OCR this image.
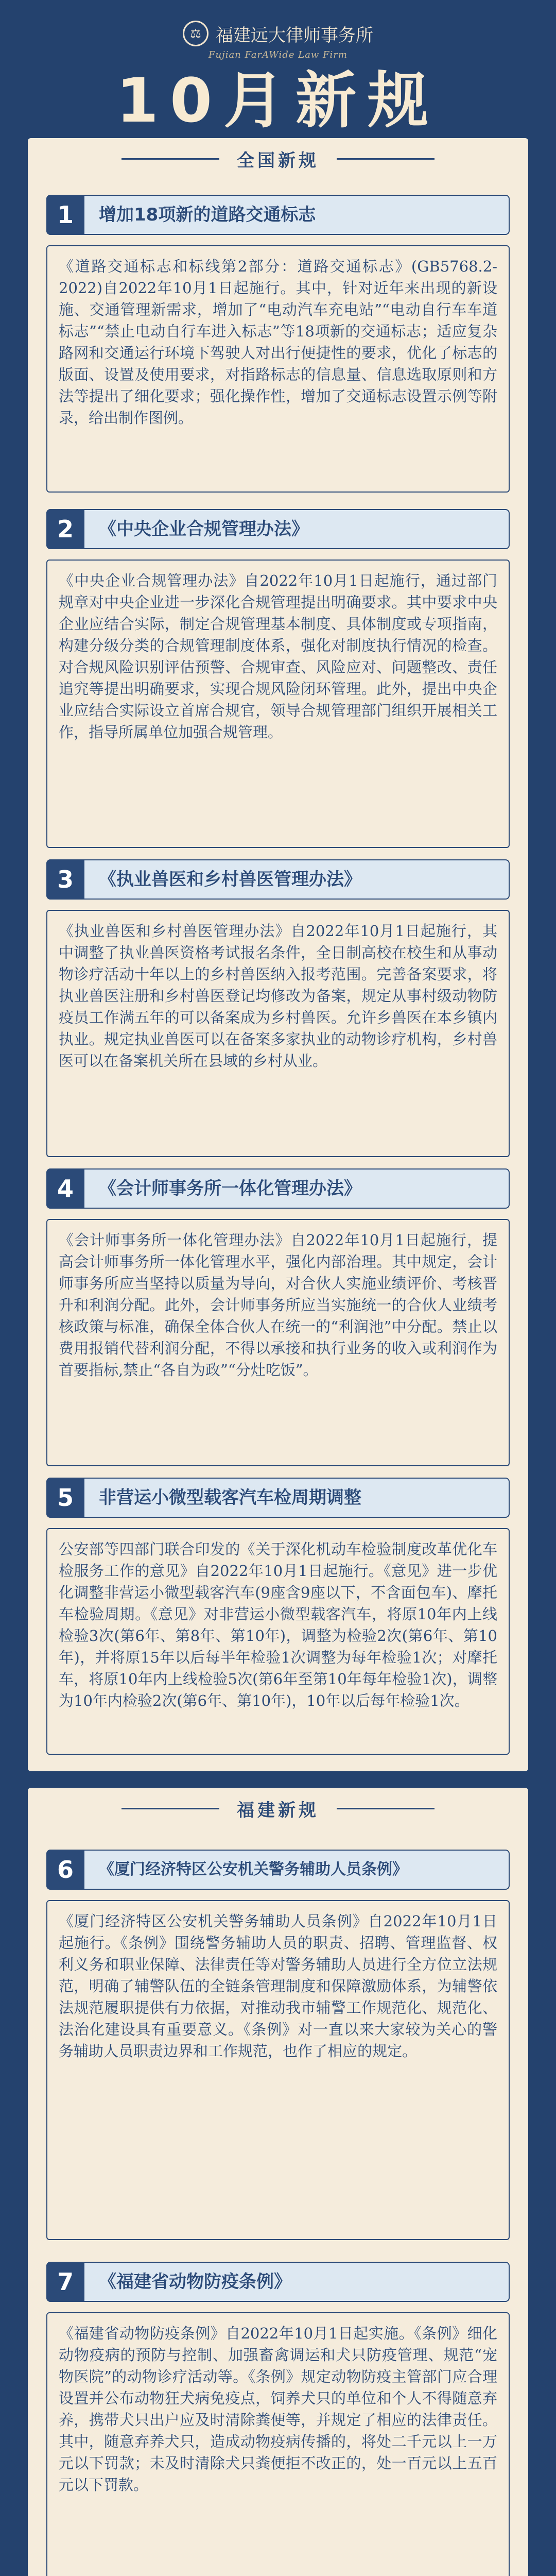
⚖ 福建远大律师事务所
Fujian FarAWide Law Firm
10月新规
全国新规
1	增加18项新的道路交通标志
《道路交通标志和标线第2部分：道路交通标志》(GB5768.2-2022)自2022年10月1日起施行。其中，针对近年来出现的新设施、交通管理新需求，增加了“电动汽车充电站”“电动自行车车道标志”“禁止电动自行车进入标志”等18项新的交通标志；适应复杂路网和交通运行环境下驾驶人对出行便捷性的要求，优化了标志的版面、设置及使用要求，对指路标志的信息量、信息选取原则和方法等提出了细化要求；强化操作性，增加了交通标志设置示例等附录，给出制作图例。
2	《中央企业合规管理办法》
《中央企业合规管理办法》自2022年10月1日起施行，通过部门规章对中央企业进一步深化合规管理提出明确要求。其中要求中央企业应结合实际，制定合规管理基本制度、具体制度或专项指南，构建分级分类的合规管理制度体系，强化对制度执行情况的检查。对合规风险识别评估预警、合规审查、风险应对、问题整改、责任追究等提出明确要求，实现合规风险闭环管理。此外，提出中央企业应结合实际设立首席合规官，领导合规管理部门组织开展相关工作，指导所属单位加强合规管理。
3	《执业兽医和乡村兽医管理办法》
《执业兽医和乡村兽医管理办法》自2022年10月1日起施行，其中调整了执业兽医资格考试报名条件，全日制高校在校生和从事动物诊疗活动十年以上的乡村兽医纳入报考范围。完善备案要求，将执业兽医注册和乡村兽医登记均修改为备案，规定从事村级动物防疫员工作满五年的可以备案成为乡村兽医。允许乡兽医在本乡镇内执业。规定执业兽医可以在备案多家执业的动物诊疗机构，乡村兽医可以在备案机关所在县域的乡村从业。
4	《会计师事务所一体化管理办法》
《会计师事务所一体化管理办法》自2022年10月1日起施行，提高会计师事务所一体化管理水平，强化内部治理。其中规定，会计师事务所应当坚持以质量为导向，对合伙人实施业绩评价、考核晋升和利润分配。此外，会计师事务所应当实施统一的合伙人业绩考核政策与标准，确保全体合伙人在统一的“利润池”中分配。禁止以费用报销代替利润分配，不得以承接和执行业务的收入或利润作为首要指标,禁止“各自为政”“分灶吃饭”。
5	非营运小微型载客汽车检周期调整
公安部等四部门联合印发的《关于深化机动车检验制度改革优化车检服务工作的意见》自2022年10月1日起施行。《意见》进一步优化调整非营运小微型载客汽车(9座含9座以下，不含面包车)、摩托车检验周期。《意见》对非营运小微型载客汽车，将原10年内上线检验3次(第6年、第8年、第10年)，调整为检验2次(第6年、第10年)，并将原15年以后每半年检验1次调整为每年检验1次；对摩托车，将原10年内上线检验5次(第6年至第10年每年检验1次)，调整为10年内检验2次(第6年、第10年)，10年以后每年检验1次。
福建新规
6	《厦门经济特区公安机关警务辅助人员条例》
《厦门经济特区公安机关警务辅助人员条例》自2022年10月1日起施行。《条例》围绕警务辅助人员的职责、招聘、管理监督、权利义务和职业保障、法律责任等对警务辅助人员进行全方位立法规范，明确了辅警队伍的全链条管理制度和保障激励体系，为辅警依法规范履职提供有力依据，对推动我市辅警工作规范化、规范化、法治化建设具有重要意义。《条例》对一直以来大家较为关心的警务辅助人员职责边界和工作规范，也作了相应的规定。
7	《福建省动物防疫条例》
《福建省动物防疫条例》自2022年10月1日起实施。《条例》细化动物疫病的预防与控制、加强畜禽调运和犬只防疫管理、规范“宠物医院”的动物诊疗活动等。《条例》规定动物防疫主管部门应合理设置并公布动物狂犬病免疫点，饲养犬只的单位和个人不得随意弃养，携带犬只出户应及时清除粪便等，并规定了相应的法律责任。其中，随意弃养犬只，造成动物疫病传播的，将处二千元以上一万元以下罚款；未及时清除犬只粪便拒不改正的，处一百元以上五百元以下罚款。
